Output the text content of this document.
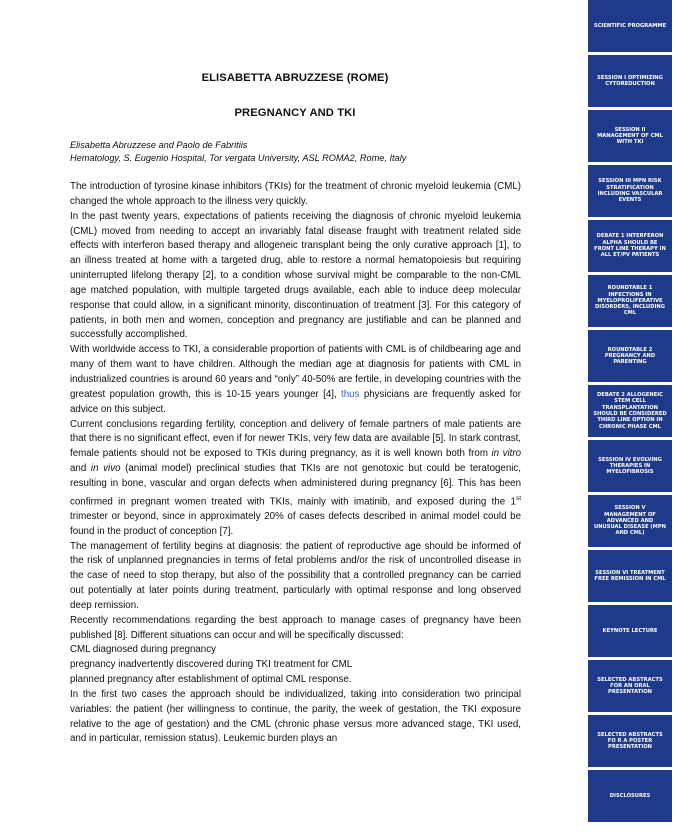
ELISABETTA ABRUZZESE (ROME)
PREGNANCY AND TKI
Elisabetta Abruzzese and Paolo de Fabritiis
Hematology, S. Eugenio Hospital, Tor vergata University, ASL ROMA2, Rome, Italy

The introduction of tyrosine kinase inhibitors (TKIs) for the treatment of chronic myeloid leukemia (CML) changed the whole approach to the illness very quickly.

In the past twenty years, expectations of patients receiving the diagnosis of chronic myeloid leukemia (CML) moved from needing to accept an invariably fatal disease fraught with treatment related side effects with interferon based therapy and allogeneic transplant being the only curative approach [1], to an illness treated at home with a targeted drug, able to restore a normal hematopoiesis but requiring uninterrupted lifelong therapy [2], to a condition whose survival might be comparable to the non-CML age matched population, with multiple targeted drugs available, each able to induce deep molecular response that could allow, in a significant minority, discontinuation of treatment [3]. For this category of patients, in both men and women, conception and pregnancy are justifiable and can be planned and successfully accomplished.

With worldwide access to TKI, a considerable proportion of patients with CML is of childbearing age and many of them want to have children. Although the median age at diagnosis for patients with CML in industrialized countries is around 60 years and “only” 40-50% are fertile, in developing countries with the greatest population growth, this is 10-15 years younger [4], thus physicians are frequently asked for advice on this subject.

Current conclusions regarding fertility, conception and delivery of female partners of male patients are that there is no significant effect, even if for newer TKIs, very few data are available [5]. In stark contrast, female patients should not be exposed to TKIs during pregnancy, as it is well known both from in vitro and in vivo (animal model) preclinical studies that TKIs are not genotoxic but could be teratogenic, resulting in bone, vascular and organ defects when administered during pregnancy [6]. This has been confirmed in pregnant women treated with TKIs, mainly with imatinib, and exposed during the 1st trimester or beyond, since in approximately 20% of cases defects described in animal model could be found in the product of conception [7].

The management of fertility begins at diagnosis: the patient of reproductive age should be informed of the risk of unplanned pregnancies in terms of fetal problems and/or the risk of uncontrolled disease in the case of need to stop therapy, but also of the possibility that a controlled pregnancy can be carried out potentially at later points during treatment, particularly with optimal response and long observed deep remission.

Recently recommendations regarding the best approach to manage cases of pregnancy have been published [8]. Different situations can occur and will be specifically discussed:

CML diagnosed during pregnancy

pregnancy inadvertently discovered during TKI treatment for CML

planned pregnancy after establishment of optimal CML response.

In the first two cases the approach should be individualized, taking into consideration two principal variables: the patient (her willingness to continue, the parity, the week of gestation, the TKI exposure relative to the age of gestation) and the CML (chronic phase versus more advanced stage, TKI used, and in particular, remission status). Leukemic burden plays an

SCIENTIFIC PROGRAMME
SESSION I OPTIMIZING CYTOREDUCTION
SESSION II MANAGEMENT OF CML WITH TKI
SESSION III MPN RISK STRATIFICATION INCLUDING VASCULAR EVENTS
DEBATE 1 INTERFERON ALPHA SHOULD BE FRONT LINE THERAPY IN ALL ET/PV PATIENTS
ROUNDTABLE 1 INFECTIONS IN MYELOPROLIFERATIVE DISORDERS, INCLUDING CML
ROUNDTABLE 2 PREGNANCY AND PARENTING
DEBATE 2 ALLOGENEIC STEM CELL TRANSPLANTATION SHOULD BE CONSIDERED THIRD LINE OPTION IN CHRONIC PHASE CML
SESSION IV EVOLVING THERAPIES IN MYELOFIBROSIS
SESSION V MANAGEMENT OF ADVANCED AND UNUSUAL DISEASE (MPN AND CML)
SESSION VI TREATMENT FREE REMISSION IN CML
KEYNOTE LECTURE
SELECTED ABSTRACTS FOR AN ORAL PRESENTATION
SELECTED ABSTRACTS FO R A POSTER PRESENTATION
DISCLOSURES
